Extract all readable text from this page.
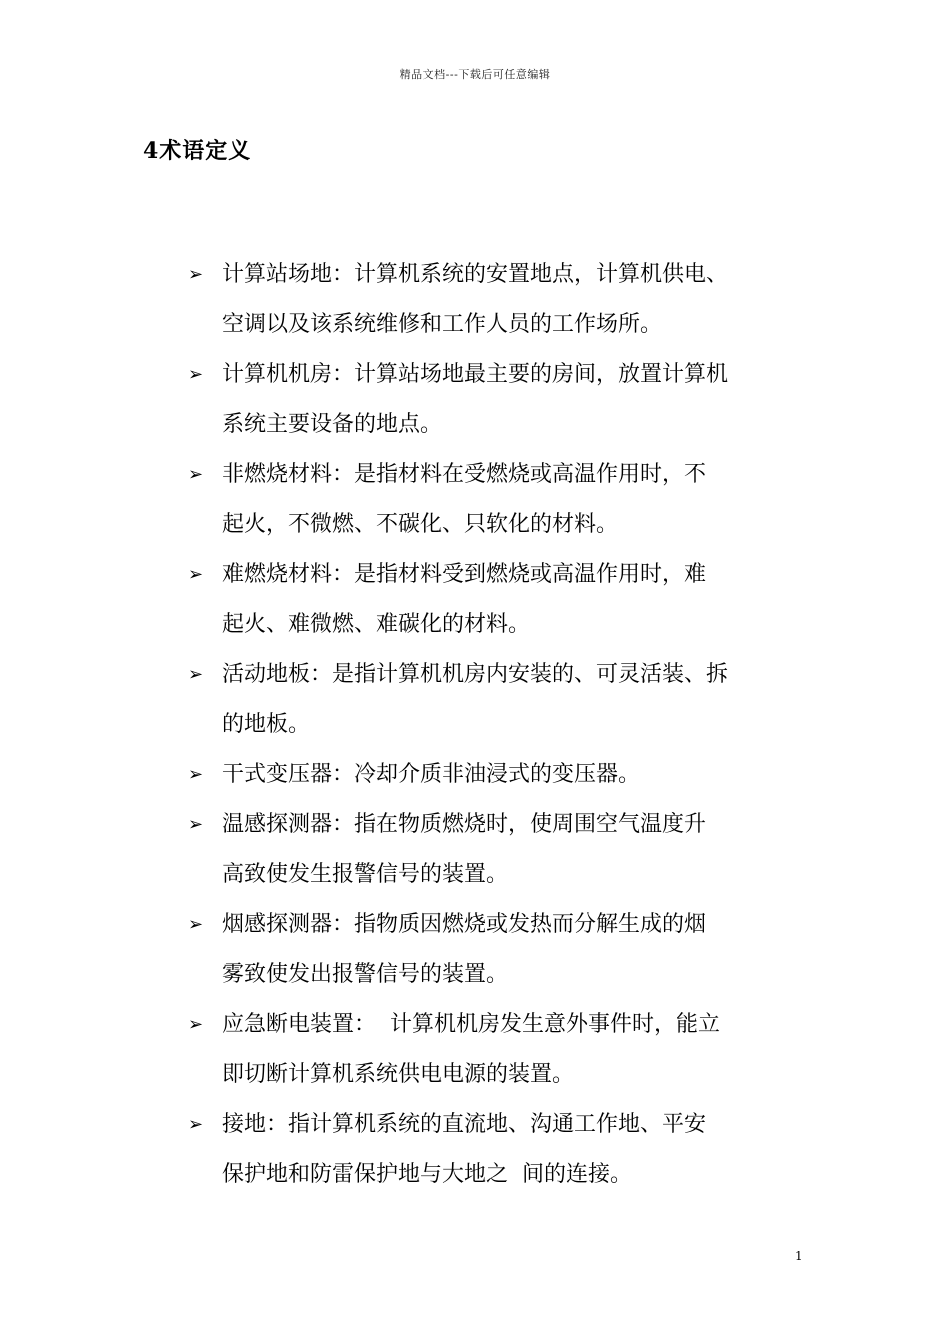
精品文档---下载后可任意编辑
4术语定义
➢ 计算站场地：计算机系统的安置地点，计算机供电、
空调以及该系统维修和工作人员的工作场所。
➢ 计算机机房：计算站场地最主要的房间，放置计算机
系统主要设备的地点。
➢ 非燃烧材料：是指材料在受燃烧或高温作用时，不
起火，不微燃、不碳化、只软化的材料。
➢ 难燃烧材料：是指材料受到燃烧或高温作用时，难
起火、难微燃、难碳化的材料。
➢ 活动地板：是指计算机机房内安装的、可灵活装、拆
的地板。
➢ 干式变压器：冷却介质非油浸式的变压器。
➢ 温感探测器：指在物质燃烧时，使周围空气温度升
高致使发生报警信号的装置。
➢ 烟感探测器：指物质因燃烧或发热而分解生成的烟
雾致使发出报警信号的装置。
➢ 应急断电装置：  计算机机房发生意外事件时，能立
即切断计算机系统供电电源的装置。
➢ 接地：指计算机系统的直流地、沟通工作地、平安
保护地和防雷保护地与大地之  间的连接。
1
